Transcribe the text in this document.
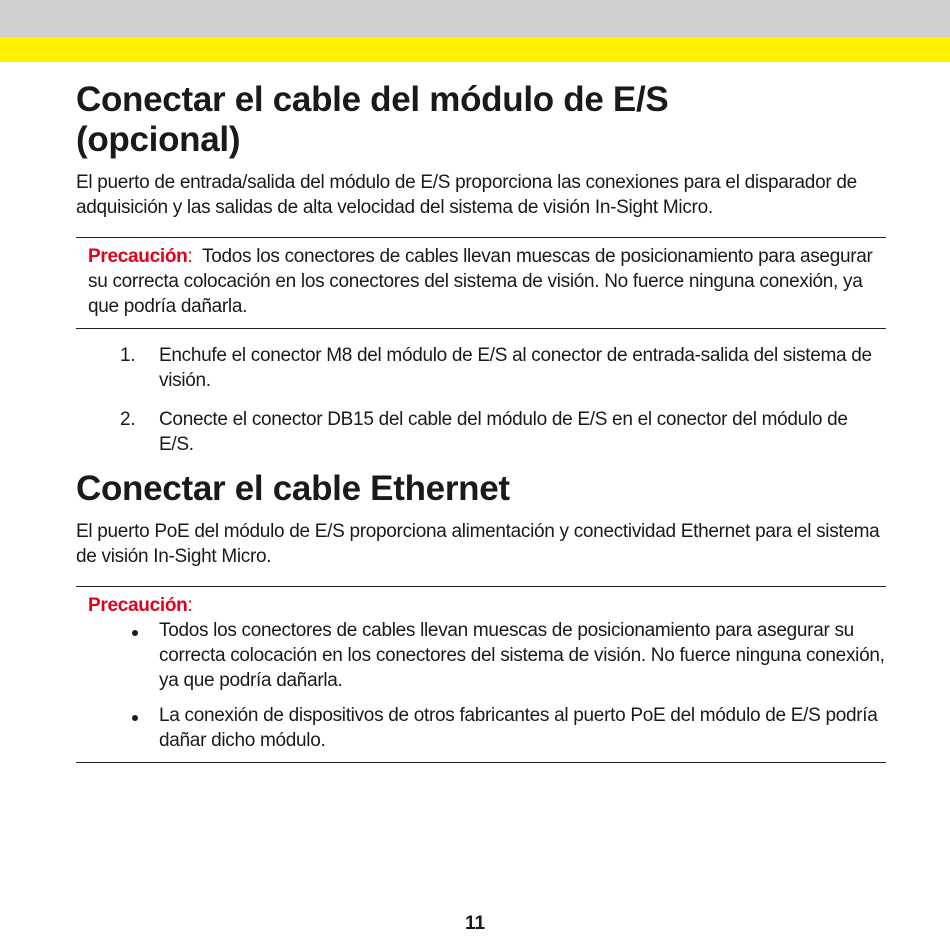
Conectar el cable del módulo de E/S
(opcional)

El puerto de entrada/salida del módulo de E/S proporciona las conexiones para el disparador de adquisición y las salidas de alta velocidad del sistema de visión In-Sight Micro.

Precaución: Todos los conectores de cables llevan muescas de posicionamiento para asegurar su correcta colocación en los conectores del sistema de visión. No fuerce ninguna conexión, ya que podría dañarla.
1. Enchufe el conector M8 del módulo de E/S al conector de entrada-salida del sistema de visión.
2. Conecte el conector DB15 del cable del módulo de E/S en el conector del módulo de E/S.
Conectar el cable Ethernet

El puerto PoE del módulo de E/S proporciona alimentación y conectividad Ethernet para el sistema de visión In-Sight Micro.

Precaución:
Todos los conectores de cables llevan muescas de posicionamiento para asegurar su correcta colocación en los conectores del sistema de visión. No fuerce ninguna conexión, ya que podría dañarla.
La conexión de dispositivos de otros fabricantes al puerto PoE del módulo de E/S podría dañar dicho módulo.
11
